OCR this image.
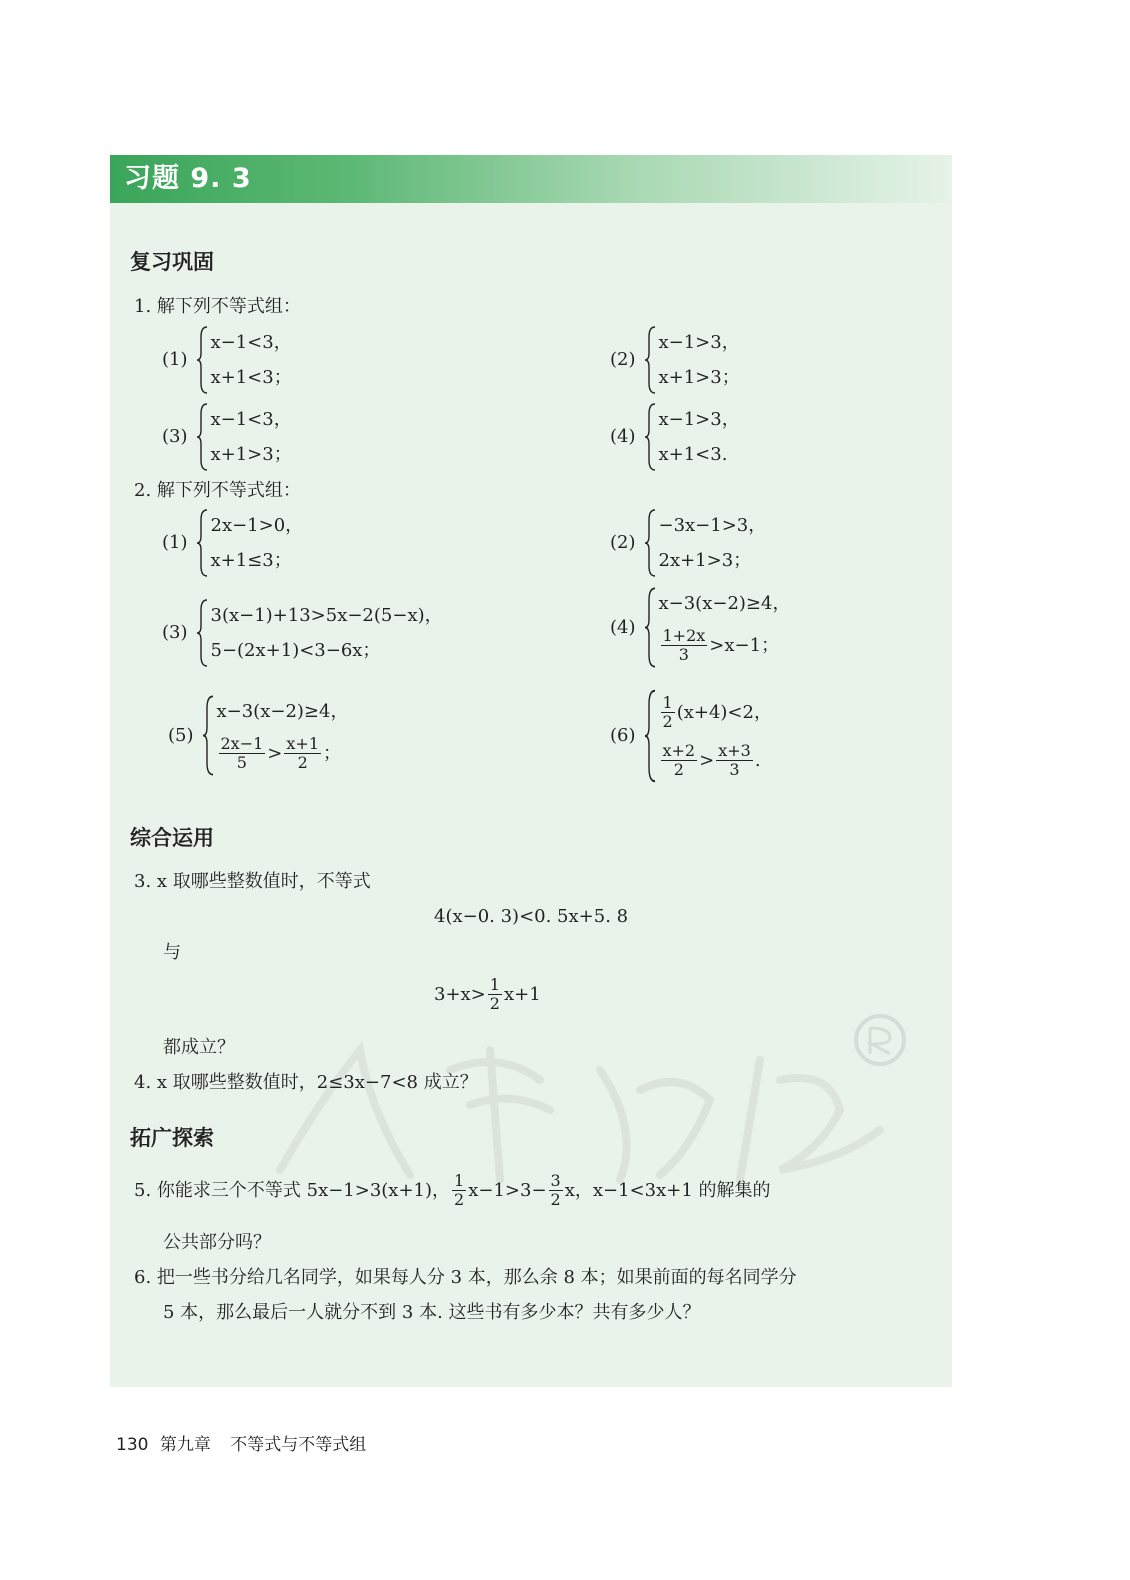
习题 9. 3
复习巩固
1. 解下列不等式组：
(1)
x−1<3，
x+1<3；
(2)
x−1>3，
x+1>3；
(3)
x−1<3，
x+1>3；
(4)
x−1>3，
x+1<3.
2. 解下列不等式组：
(1)
2x−1>0，
x+1≤3；
(2)
−3x−1>3，
2x+1>3；
(3)
3(x−1)+13>5x−2(5−x)，
5−(2x+1)<3−6x；
(4)
x−3(x−2)≥4，
$\frac{1+2x}{3} >x-1$；
(5)
x−3(x−2)≥4，
$\frac{2x-1}{5} > \frac{x+1}{2}$ ；
(6)
$\frac{1}{2} (x+4)<2$，
$\frac{x+2}{2} > \frac{x+3}{3}$ .
综合运用
3. x 取哪些整数值时，不等式
4(x−0. 3)<0. 5x+5. 8
与
$3+x> \frac{1}{2} x+1$
都成立？
4. x 取哪些整数值时，2≤3x−7<8 成立？
拓广探索
5. 你能求三个不等式 5x−1>3(x+1)， $\frac{1}{2} x-1>3- \frac{3}{2}$ x，x−1<3x+1 的解集的
公共部分吗？
6. 把一些书分给几名同学，如果每人分 3 本，那么余 8 本；如果前面的每名同学分
5 本，那么最后一人就分不到 3 本. 这些书有多少本？共有多少人？
130 第九章 不等式与不等式组
